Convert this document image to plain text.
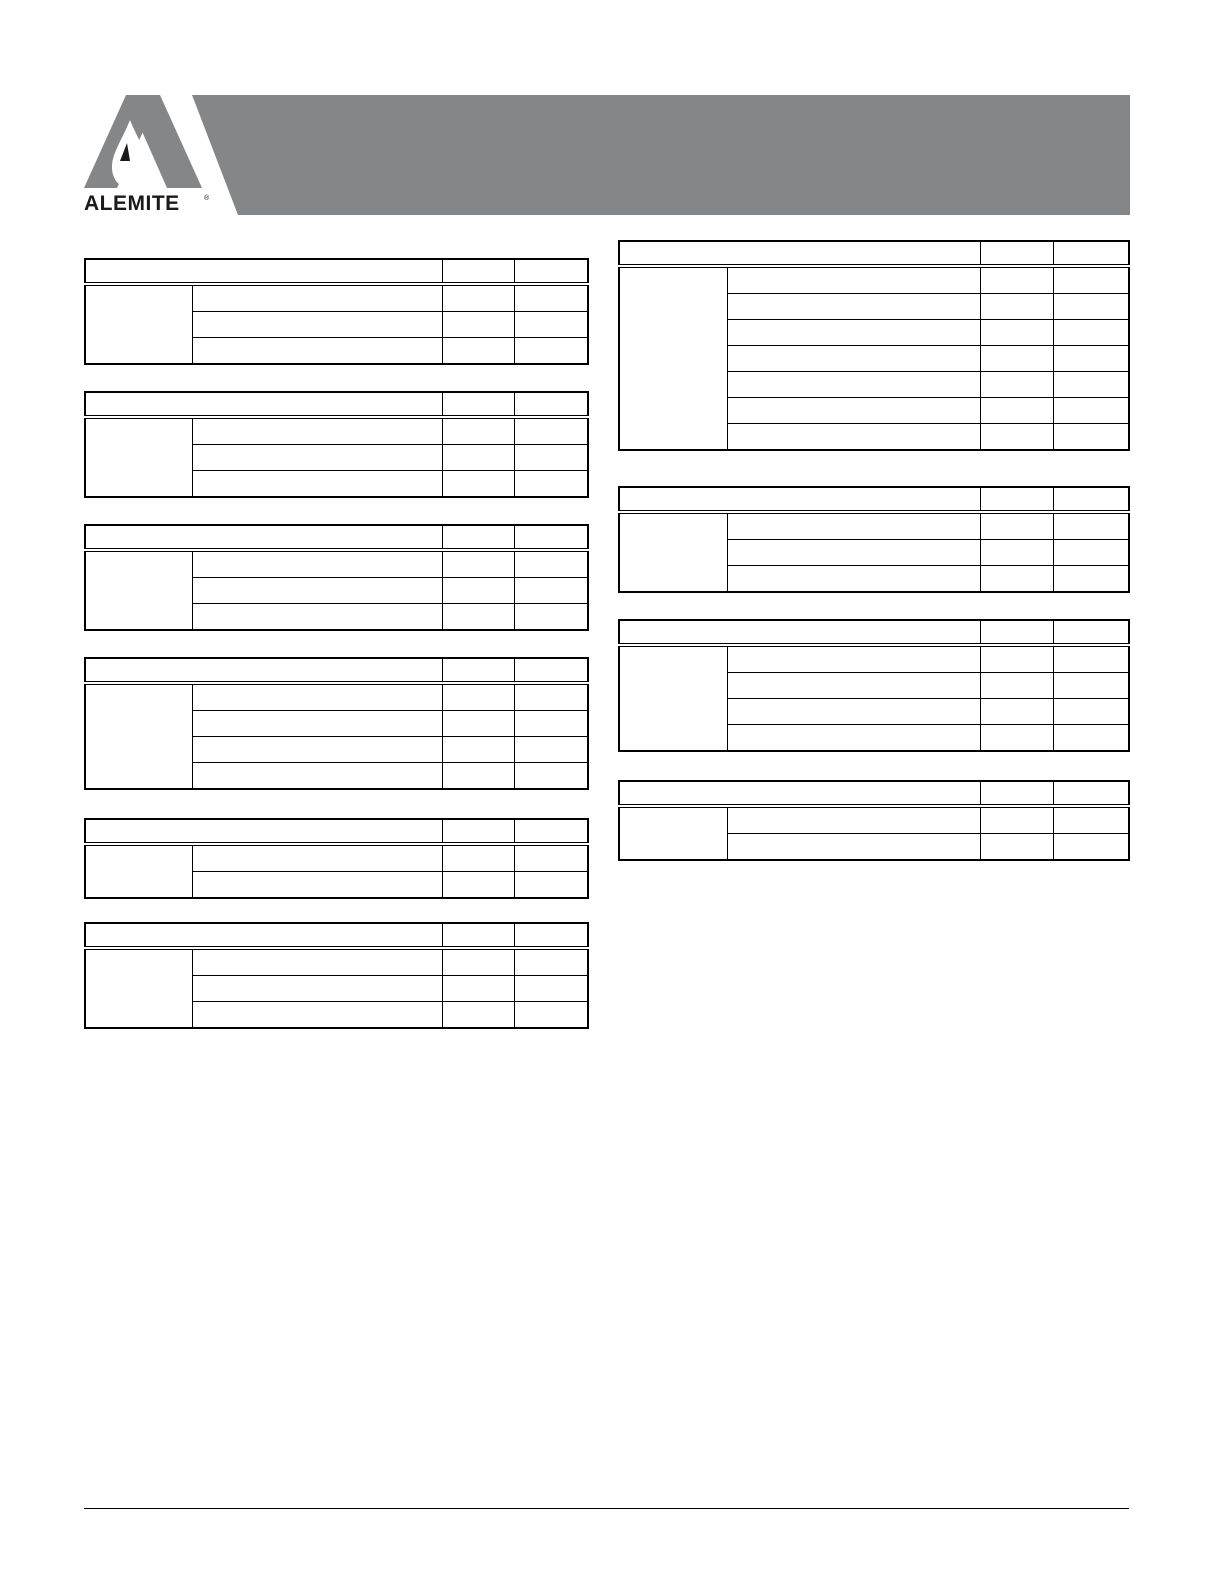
ALEMITE	®
